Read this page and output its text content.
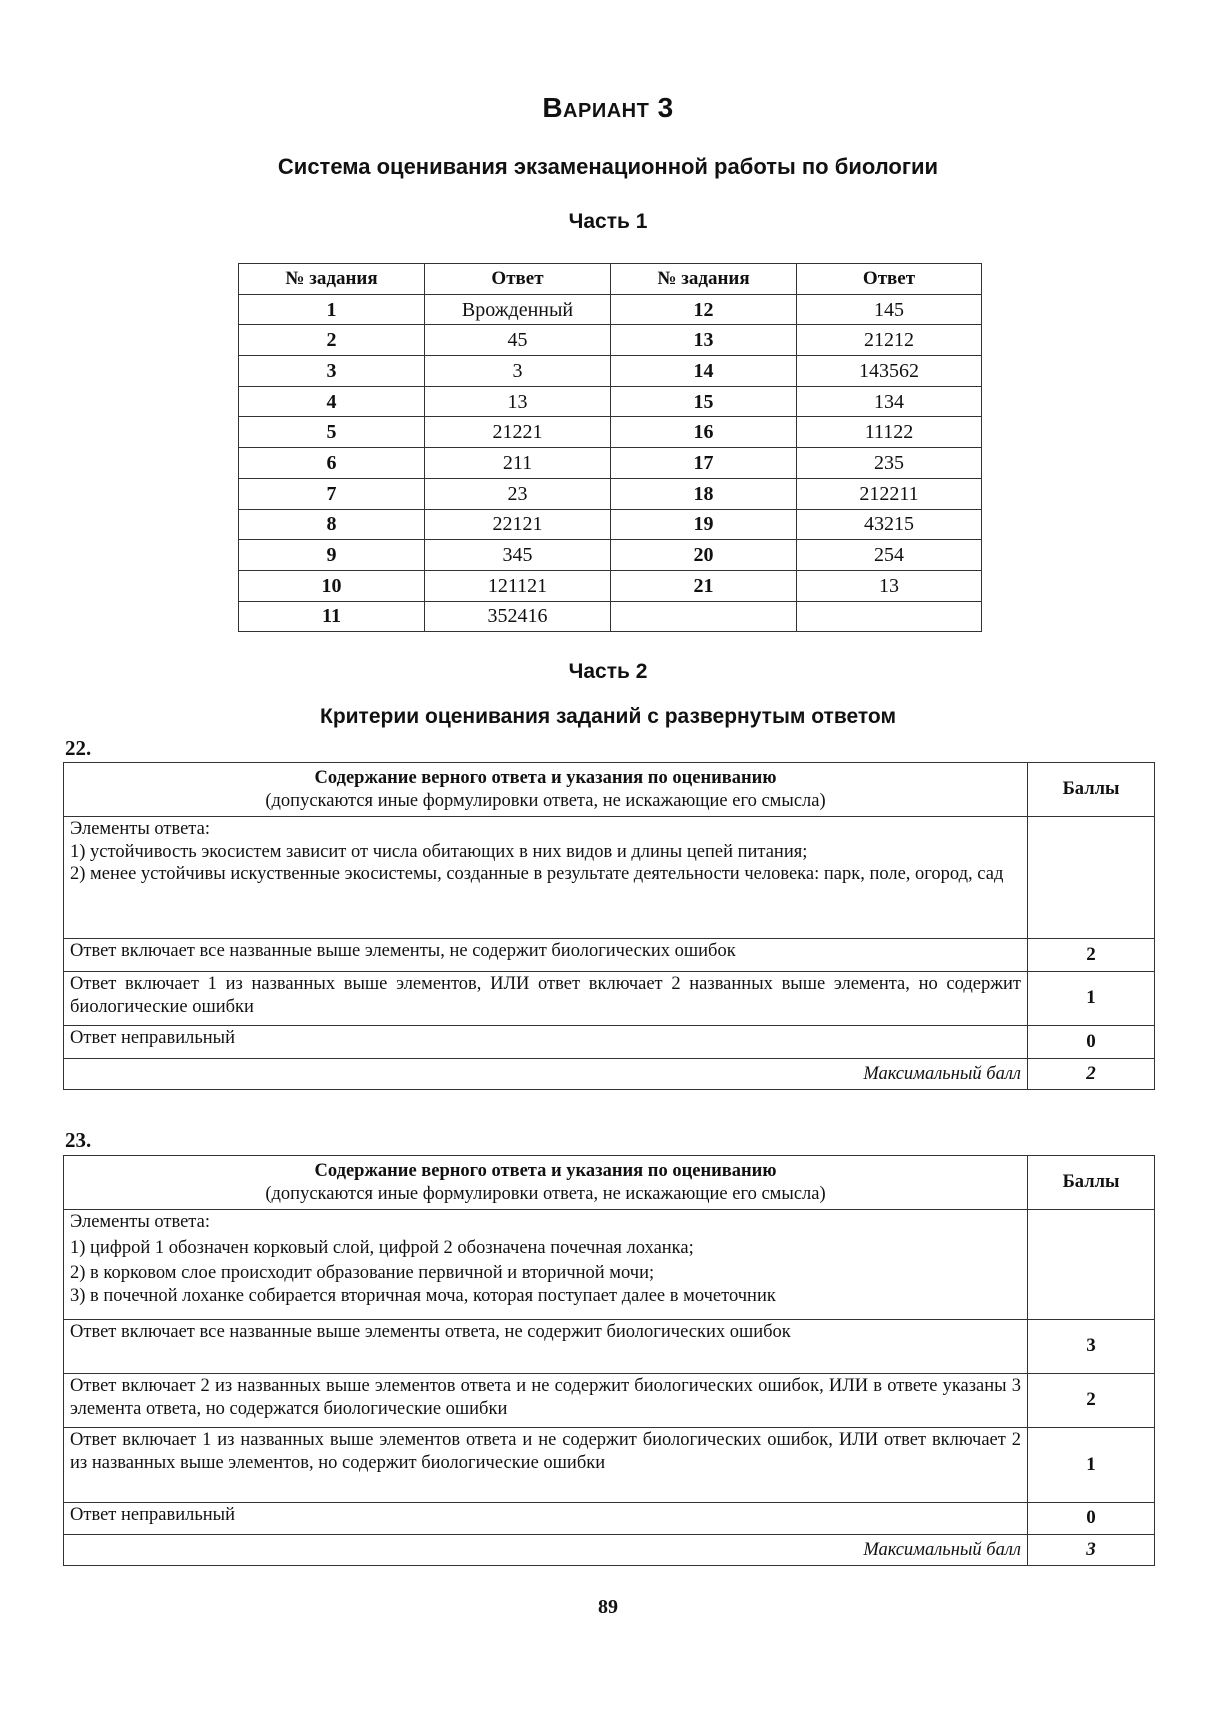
Вариант 3
Система оценивания экзаменационной работы по биологии
Часть 1
№ задания	Ответ	№ задания	Ответ
1	Врожденный	12	145
2	45	13	21212
3	3	14	143562
4	13	15	134
5	21221	16	11122
6	211	17	235
7	23	18	212211
8	22121	19	43215
9	345	20	254
10	121121	21	13
11	352416		
Часть 2
Критерии оценивания заданий с развернутым ответом
22.
Содержание верного ответа и указания по оцениванию
(допускаются иные формулировки ответа, не искажающие его смысла)	Баллы

Элементы ответа:
1) устойчивость экосистем зависит от числа обитающих в них видов и длины цепей питания;
2) менее устойчивы искуственные экосистемы, созданные в результате деятельности человека: парк, поле, огород, сад	

Ответ включает все названные выше элементы, не содержит биологических ошибок	2
Ответ включает 1 из названных выше элементов, ИЛИ ответ включает 2 названных выше элемента, но содержит биологические ошибки	1
Ответ неправильный	0
Максимальный балл	2
23.
Содержание верного ответа и указания по оцениванию
(допускаются иные формулировки ответа, не искажающие его смысла)	Баллы

Элементы ответа:
1) цифрой 1 обозначен корковый слой, цифрой 2 обозначена почечная лоханка;
2) в корковом слое происходит образование первичной и вторичной мочи;
3) в почечной лоханке собирается вторичная моча, которая поступает далее в мочеточник	

Ответ включает все названные выше элементы ответа, не содержит биологических ошибок	3
Ответ включает 2 из названных выше элементов ответа и не содержит биологических ошибок, ИЛИ в ответе указаны 3 элемента ответа, но содержатся биологические ошибки	2
Ответ включает 1 из названных выше элементов ответа и не содержит биологических ошибок, ИЛИ ответ включает 2 из названных выше элементов, но содержит биологические ошибки	1
Ответ неправильный	0
Максимальный балл	3
89
